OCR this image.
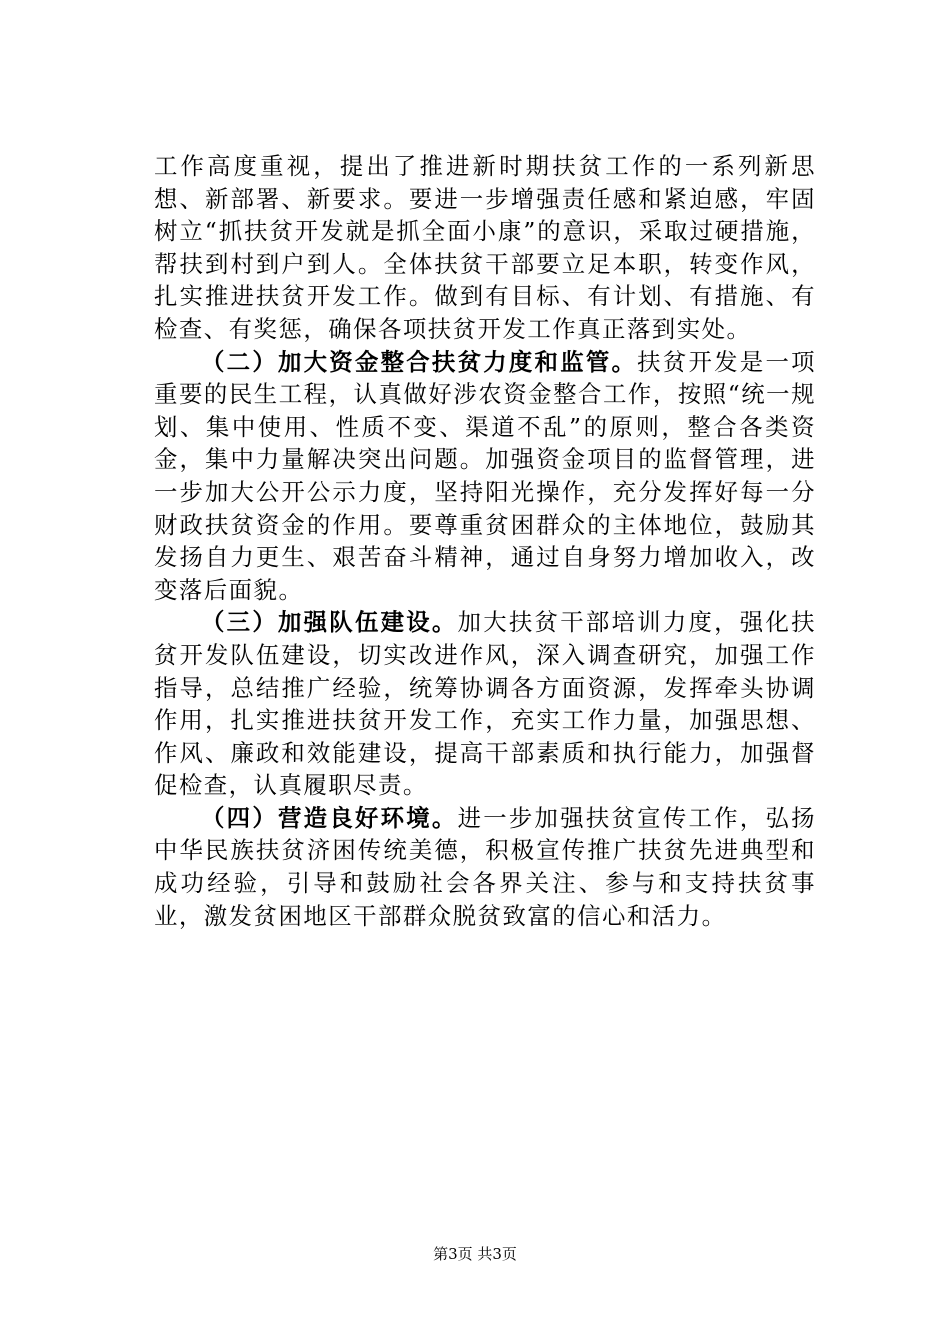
工作高度重视，提出了推进新时期扶贫工作的一系列新思想、新部署、新要求。要进一步增强责任感和紧迫感，牢固树立“抓扶贫开发就是抓全面小康”的意识，采取过硬措施，帮扶到村到户到人。全体扶贫干部要立足本职，转变作风，扎实推进扶贫开发工作。做到有目标、有计划、有措施、有检查、有奖惩，确保各项扶贫开发工作真正落到实处。

（二）加大资金整合扶贫力度和监管。扶贫开发是一项重要的民生工程，认真做好涉农资金整合工作，按照“统一规划、集中使用、性质不变、渠道不乱”的原则，整合各类资金，集中力量解决突出问题。加强资金项目的监督管理，进一步加大公开公示力度，坚持阳光操作，充分发挥好每一分财政扶贫资金的作用。要尊重贫困群众的主体地位，鼓励其发扬自力更生、艰苦奋斗精神，通过自身努力增加收入，改变落后面貌。

（三）加强队伍建设。加大扶贫干部培训力度，强化扶贫开发队伍建设，切实改进作风，深入调查研究，加强工作指导，总结推广经验，统筹协调各方面资源，发挥牵头协调作用，扎实推进扶贫开发工作，充实工作力量，加强思想、作风、廉政和效能建设，提高干部素质和执行能力，加强督促检查，认真履职尽责。

（四）营造良好环境。进一步加强扶贫宣传工作，弘扬中华民族扶贫济困传统美德，积极宣传推广扶贫先进典型和成功经验，引导和鼓励社会各界关注、参与和支持扶贫事业，激发贫困地区干部群众脱贫致富的信心和活力。

第3页 共3页
